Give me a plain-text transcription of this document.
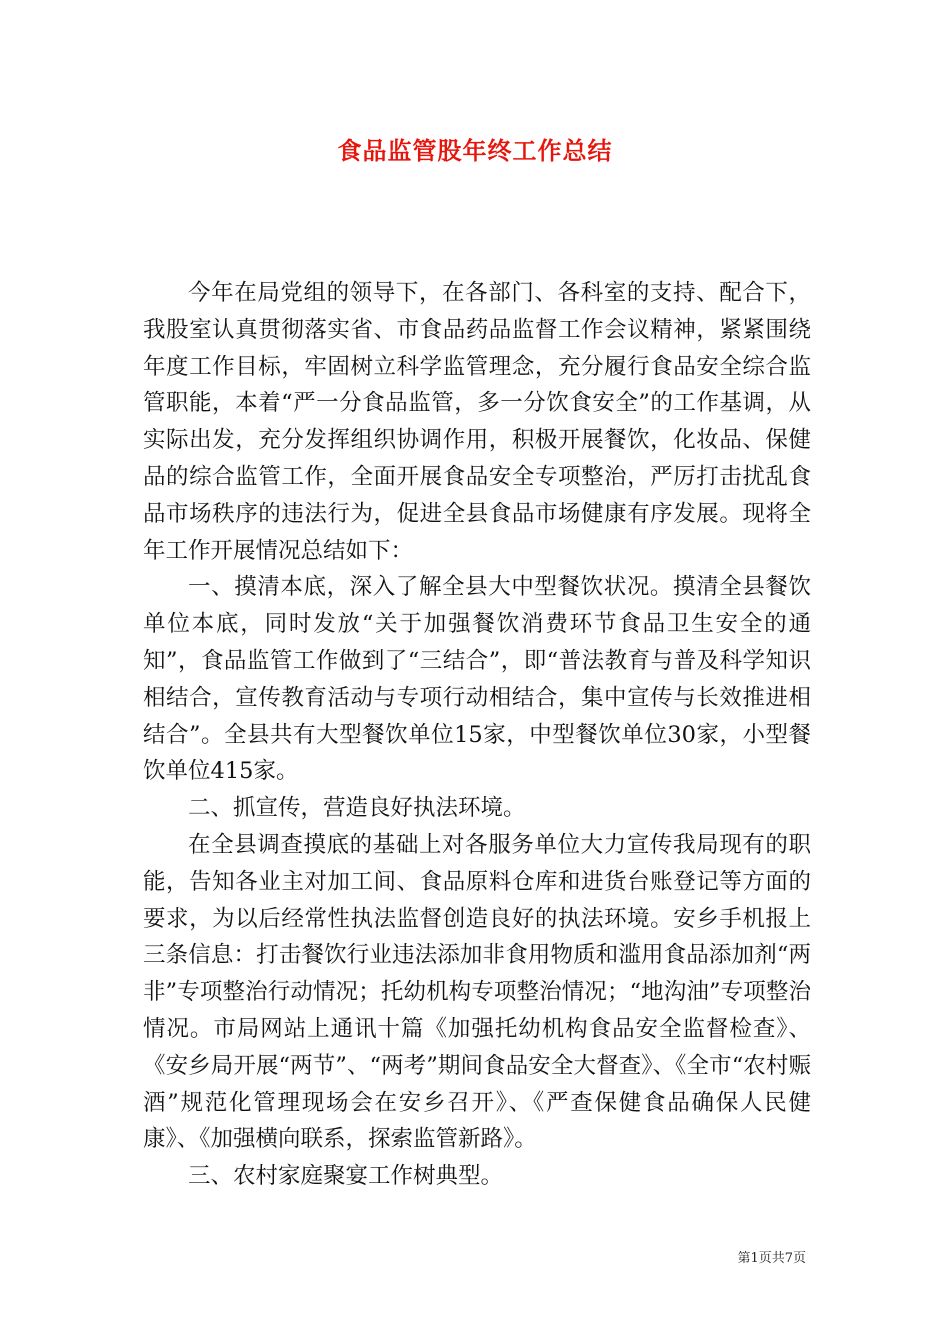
食品监管股年终工作总结

今年在局党组的领导下，在各部门、各科室的支持、配合下，我股室认真贯彻落实省、市食品药品监督工作会议精神，紧紧围绕年度工作目标，牢固树立科学监管理念，充分履行食品安全综合监管职能，本着“严一分食品监管，多一分饮食安全”的工作基调，从实际出发，充分发挥组织协调作用，积极开展餐饮，化妆品、保健品的综合监管工作，全面开展食品安全专项整治，严厉打击扰乱食品市场秩序的违法行为，促进全县食品市场健康有序发展。现将全年工作开展情况总结如下：

一、摸清本底，深入了解全县大中型餐饮状况。摸清全县餐饮单位本底，同时发放“关于加强餐饮消费环节食品卫生安全的通知”，食品监管工作做到了“三结合”，即“普法教育与普及科学知识相结合，宣传教育活动与专项行动相结合，集中宣传与长效推进相结合”。全县共有大型餐饮单位15家，中型餐饮单位30家，小型餐饮单位415家。

二、抓宣传，营造良好执法环境。

在全县调查摸底的基础上对各服务单位大力宣传我局现有的职能，告知各业主对加工间、食品原料仓库和进货台账登记等方面的要求，为以后经常性执法监督创造良好的执法环境。安乡手机报上三条信息：打击餐饮行业违法添加非食用物质和滥用食品添加剂“两非”专项整治行动情况；托幼机构专项整治情况；“地沟油”专项整治情况。市局网站上通讯十篇《加强托幼机构食品安全监督检查》、《安乡局开展“两节”、“两考”期间食品安全大督查》、《全市“农村赈酒”规范化管理现场会在安乡召开》、《严查保健食品确保人民健康》、《加强横向联系，探索监管新路》。

三、农村家庭聚宴工作树典型。

第1页共7页
